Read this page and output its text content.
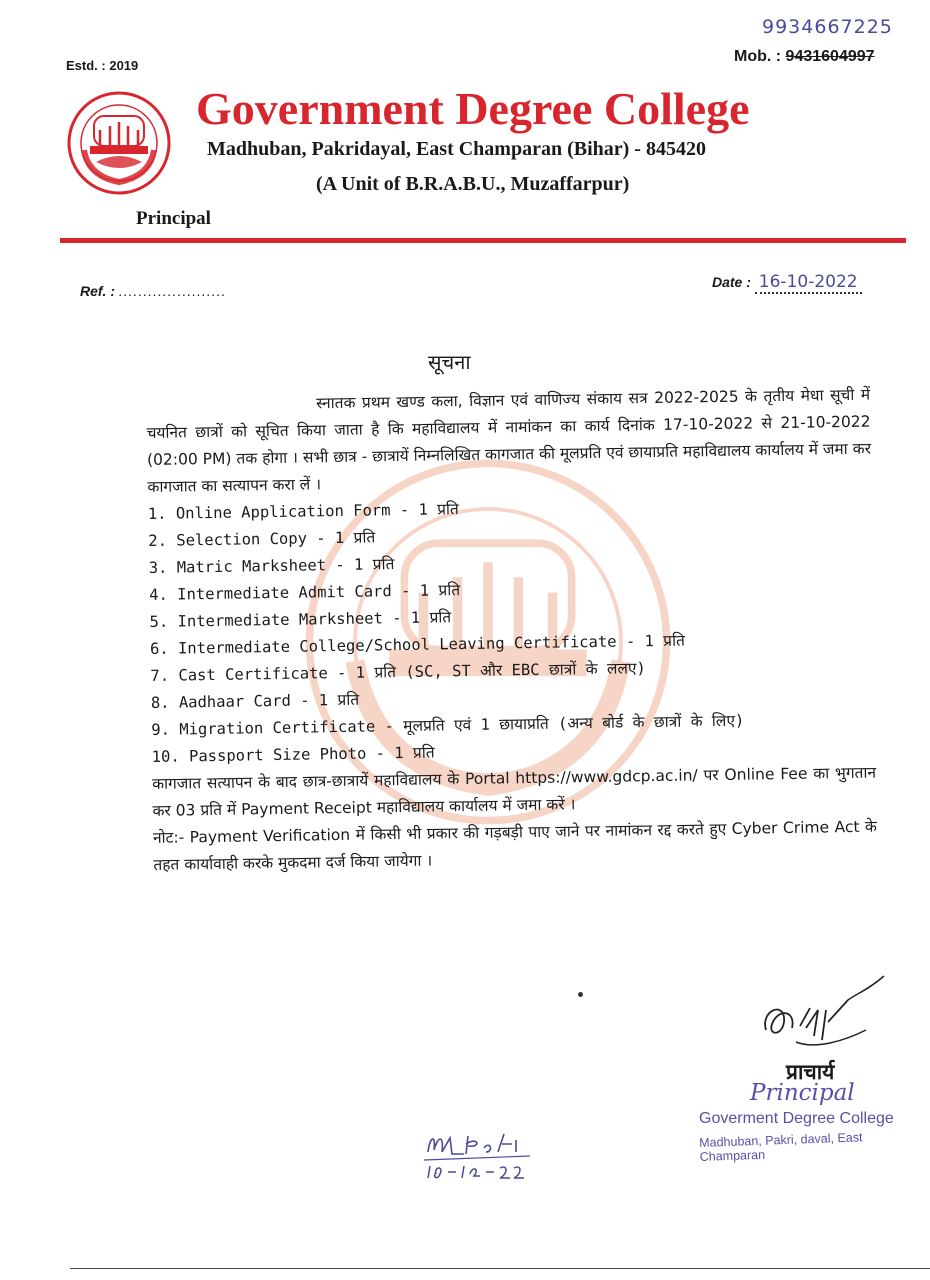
Estd. : 2019
9934667225
Mob. : 9431604997
Government Degree College
Madhuban, Pakridayal, East Champaran (Bihar) - 845420
(A Unit of B.R.A.B.U., Muzaffarpur)
Principal
Ref. : ......................
Date : 16-10-2022
सूचना
स्नातक प्रथम खण्ड कला, विज्ञान एवं वाणिज्य संकाय सत्र 2022-2025 के तृतीय मेधा सूची में चयनित छात्रों को सूचित किया जाता है कि महाविद्यालय में नामांकन का कार्य दिनांक 17-10-2022 से 21-10-2022 (02:00 PM) तक होगा । सभी छात्र - छात्रायें निम्नलिखित कागजात की मूलप्रति एवं छायाप्रति महाविद्यालय कार्यालय में जमा कर कागजात का सत्यापन करा लें ।
1. Online Application Form - 1 प्रति
2. Selection Copy - 1 प्रति
3. Matric Marksheet - 1 प्रति
4. Intermediate Admit Card - 1 प्रति
5. Intermediate Marksheet - 1 प्रति
6. Intermediate College/School Leaving Certificate - 1 प्रति
7. Cast Certificate - 1 प्रति (SC, ST और EBC छात्रों के ललए)
8. Aadhaar Card - 1 प्रति
9. Migration Certificate - मूलप्रति एवं 1 छायाप्रति (अन्य बोर्ड के छात्रों के लिए)
10. Passport Size Photo - 1 प्रति
कागजात सत्यापन के बाद छात्र-छात्रायें महाविद्यालय के Portal https://www.gdcp.ac.in/ पर Online Fee का भुगतान कर 03 प्रति में Payment Receipt महाविद्यालय कार्यालय में जमा करें ।
नोट:- Payment Verification में किसी भी प्रकार की गड़बड़ी पाए जाने पर नामांकन रद्द करते हुए Cyber Crime Act के तहत कार्यावाही करके मुकदमा दर्ज किया जायेगा ।
प्राचार्य
Principal
Goverment Degree College
Madhuban, Pakri, daval, East Champaran
